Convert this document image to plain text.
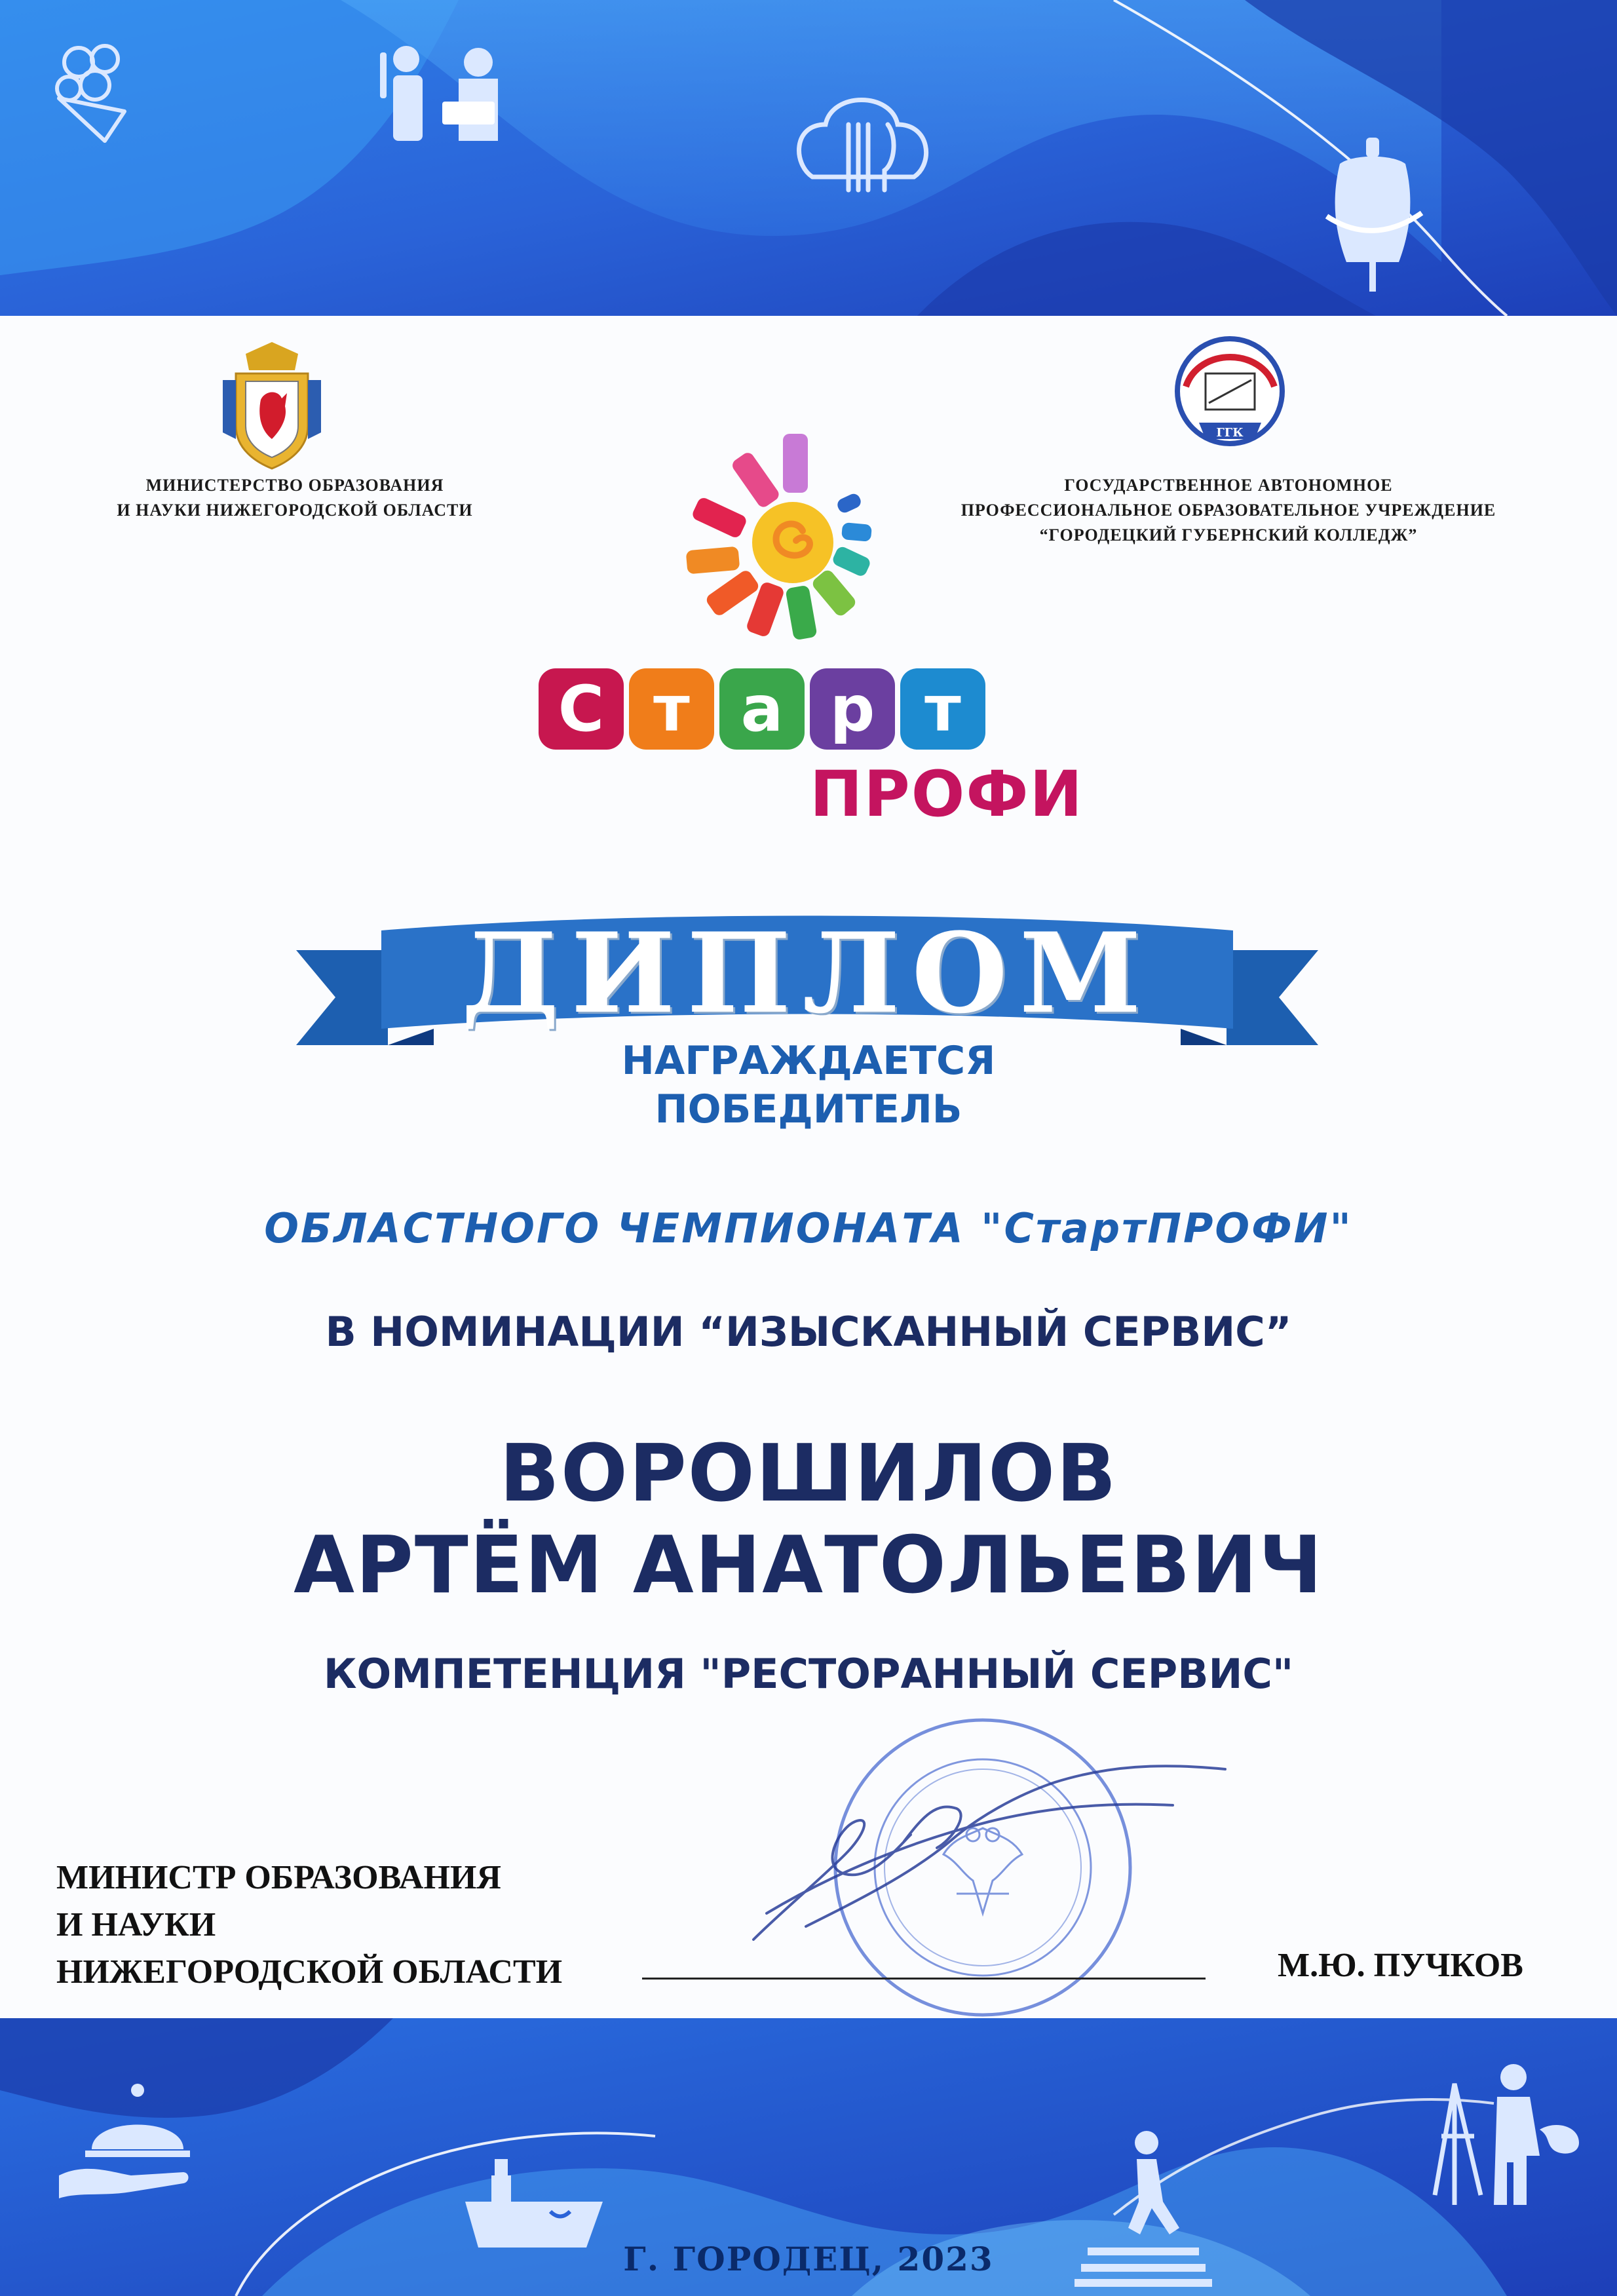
ГГК
МИНИСТЕРСТВО ОБРАЗОВАНИЯ
И НАУКИ НИЖЕГОРОДСКОЙ ОБЛАСТИ
ГОСУДАРСТВЕННОЕ АВТОНОМНОЕ
ПРОФЕССИОНАЛЬНОЕ ОБРАЗОВАТЕЛЬНОЕ УЧРЕЖДЕНИЕ
“ГОРОДЕЦКИЙ ГУБЕРНСКИЙ КОЛЛЕДЖ”
С т а р т
ПРОФИ
ДИПЛОМ
НАГРАЖДАЕТСЯ
ПОБЕДИТЕЛЬ
ОБЛАСТНОГО ЧЕМПИОНАТА "СтартПРОФИ"
В НОМИНАЦИИ “ИЗЫСКАННЫЙ СЕРВИС”
ВОРОШИЛОВ
АРТЁМ АНАТОЛЬЕВИЧ
КОМПЕТЕНЦИЯ "РЕСТОРАННЫЙ СЕРВИС"
МИНИСТР ОБРАЗОВАНИЯ
И НАУКИ
НИЖЕГОРОДСКОЙ ОБЛАСТИ	М.Ю. ПУЧКОВ
Г. ГОРОДЕЦ, 2023
